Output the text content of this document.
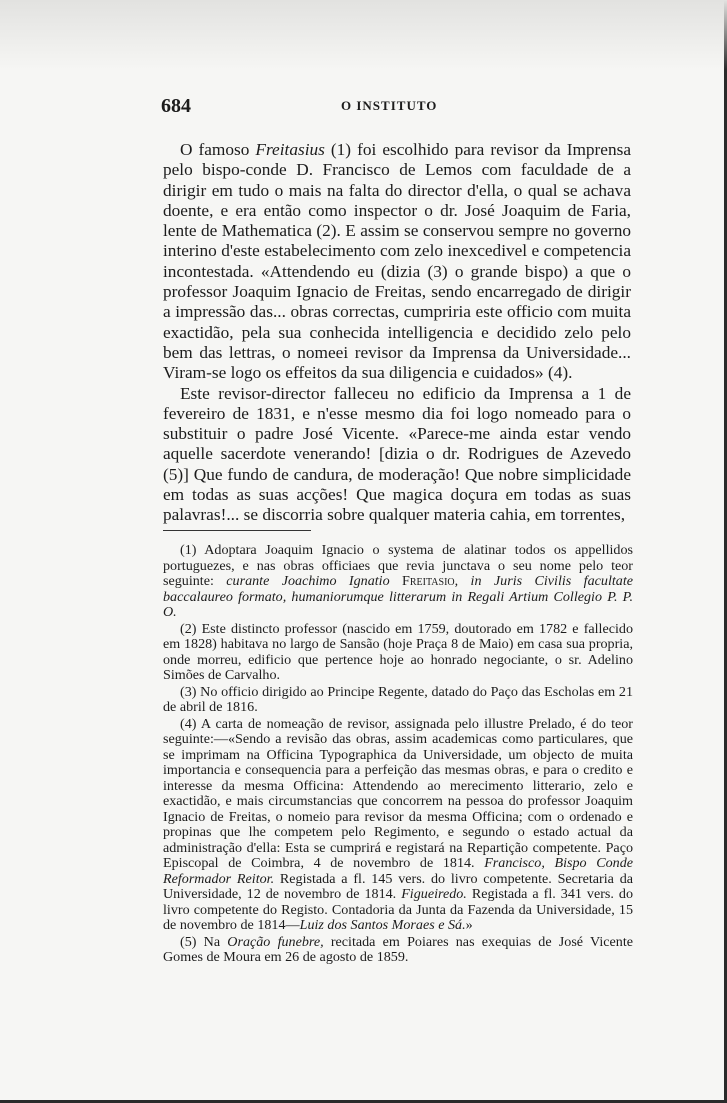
684	O INSTITUTO

O famoso Freitasius (1) foi escolhido para revisor da Imprensa pelo bispo-conde D. Francisco de Lemos com faculdade de a dirigir em tudo o mais na falta do director d'ella, o qual se achava doente, e era então como inspector o dr. José Joaquim de Faria, lente de Mathematica (2). E assim se conservou sempre no governo interino d'este estabelecimento com zelo inexcedivel e competencia incontestada. «Attendendo eu (dizia (3) o grande bispo) a que o professor Joaquim Ignacio de Freitas, sendo encarregado de dirigir a impressão das... obras correctas, cumpriria este officio com muita exactidão, pela sua conhecida intelligencia e decidido zelo pelo bem das lettras, o nomeei revisor da Imprensa da Universidade... Viram-se logo os effeitos da sua diligencia e cuidados» (4).

Este revisor-director falleceu no edificio da Imprensa a 1 de fevereiro de 1831, e n'esse mesmo dia foi logo nomeado para o substituir o padre José Vicente. «Parece-me ainda estar vendo aquelle sacerdote venerando! [dizia o dr. Rodrigues de Azevedo (5)] Que fundo de candura, de moderação! Que nobre simplicidade em todas as suas acções! Que magica doçura em todas as suas palavras!... se discorria sobre qualquer materia cahia, em torrentes,

(1) Adoptara Joaquim Ignacio o systema de alatinar todos os appellidos portuguezes, e nas obras officiaes que revia junctava o seu nome pelo teor seguinte: curante Joachimo Ignatio Freitasio, in Juris Civilis facultate baccalaureo formato, humaniorumque litterarum in Regali Artium Collegio P. P. O.

(2) Este distincto professor (nascido em 1759, doutorado em 1782 e fallecido em 1828) habitava no largo de Sansão (hoje Praça 8 de Maio) em casa sua propria, onde morreu, edificio que pertence hoje ao honrado negociante, o sr. Adelino Simões de Carvalho.

(3) No officio dirigido ao Principe Regente, datado do Paço das Escholas em 21 de abril de 1816.

(4) A carta de nomeação de revisor, assignada pelo illustre Prelado, é do teor seguinte:—«Sendo a revisão das obras, assim academicas como particulares, que se imprimam na Officina Typographica da Universidade, um objecto de muita importancia e consequencia para a perfeição das mesmas obras, e para o credito e interesse da mesma Officina: Attendendo ao merecimento litterario, zelo e exactidão, e mais circumstancias que concorrem na pessoa do professor Joaquim Ignacio de Freitas, o nomeio para revisor da mesma Officina; com o ordenado e propinas que lhe competem pelo Regimento, e segundo o estado actual da administração d'ella: Esta se cumprirá e registará na Repartição competente. Paço Episcopal de Coimbra, 4 de novembro de 1814. Francisco, Bispo Conde Reformador Reitor. Registada a fl. 145 vers. do livro competente. Secretaria da Universidade, 12 de novembro de 1814. Figueiredo. Registada a fl. 341 vers. do livro competente do Registo. Contadoria da Junta da Fazenda da Universidade, 15 de novembro de 1814—Luiz dos Santos Moraes e Sá.»

(5) Na Oração funebre, recitada em Poiares nas exequias de José Vicente Gomes de Moura em 26 de agosto de 1859.
